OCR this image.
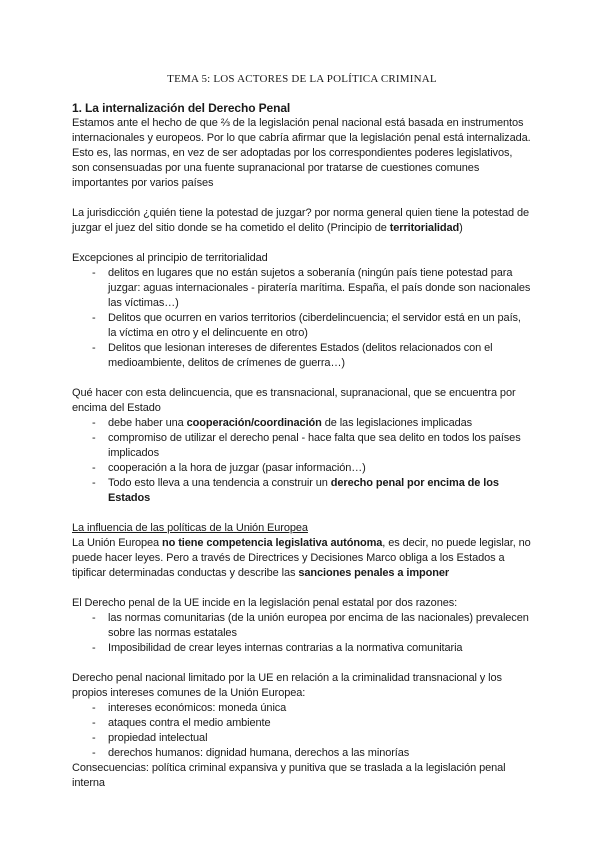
TEMA 5: LOS ACTORES DE LA POLÍTICA CRIMINAL
1. La internalización del Derecho Penal

Estamos ante el hecho de que ⅔ de la legislación penal nacional está basada en instrumentos internacionales y europeos. Por lo que cabría afirmar que la legislación penal está internalizada. Esto es, las normas, en vez de ser adoptadas por los correspondientes poderes legislativos, son consensuadas por una fuente supranacional por tratarse de cuestiones comunes importantes por varios países

La jurisdicción ¿quién tiene la potestad de juzgar? por norma general quien tiene la potestad de juzgar el juez del sitio donde se ha cometido el delito (Principio de territorialidad)

Excepciones al principio de territorialidad

- delitos en lugares que no están sujetos a soberanía (ningún país tiene potestad para juzgar: aguas internacionales - piratería marítima. España, el país donde son nacionales las víctimas…)
- Delitos que ocurren en varios territorios (ciberdelincuencia; el servidor está en un país, la víctima en otro y el delincuente en otro)
- Delitos que lesionan intereses de diferentes Estados (delitos relacionados con el medioambiente, delitos de crímenes de guerra…)

Qué hacer con esta delincuencia, que es transnacional, supranacional, que se encuentra por encima del Estado

- debe haber una cooperación/coordinación de las legislaciones implicadas
- compromiso de utilizar el derecho penal - hace falta que sea delito en todos los países implicados
- cooperación a la hora de juzgar (pasar información…)
- Todo esto lleva a una tendencia a construir un derecho penal por encima de los Estados

La influencia de las políticas de la Unión Europea

La Unión Europea no tiene competencia legislativa autónoma, es decir, no puede legislar, no puede hacer leyes. Pero a través de Directrices y Decisiones Marco obliga a los Estados a tipificar determinadas conductas y describe las sanciones penales a imponer

El Derecho penal de la UE incide en la legislación penal estatal por dos razones:

- las normas comunitarias (de la unión europea por encima de las nacionales) prevalecen sobre las normas estatales
- Imposibilidad de crear leyes internas contrarias a la normativa comunitaria

Derecho penal nacional limitado por la UE en relación a la criminalidad transnacional y los propios intereses comunes de la Unión Europea:

- intereses económicos: moneda única
- ataques contra el medio ambiente
- propiedad intelectual
- derechos humanos: dignidad humana, derechos a las minorías

Consecuencias: política criminal expansiva y punitiva que se traslada a la legislación penal interna
